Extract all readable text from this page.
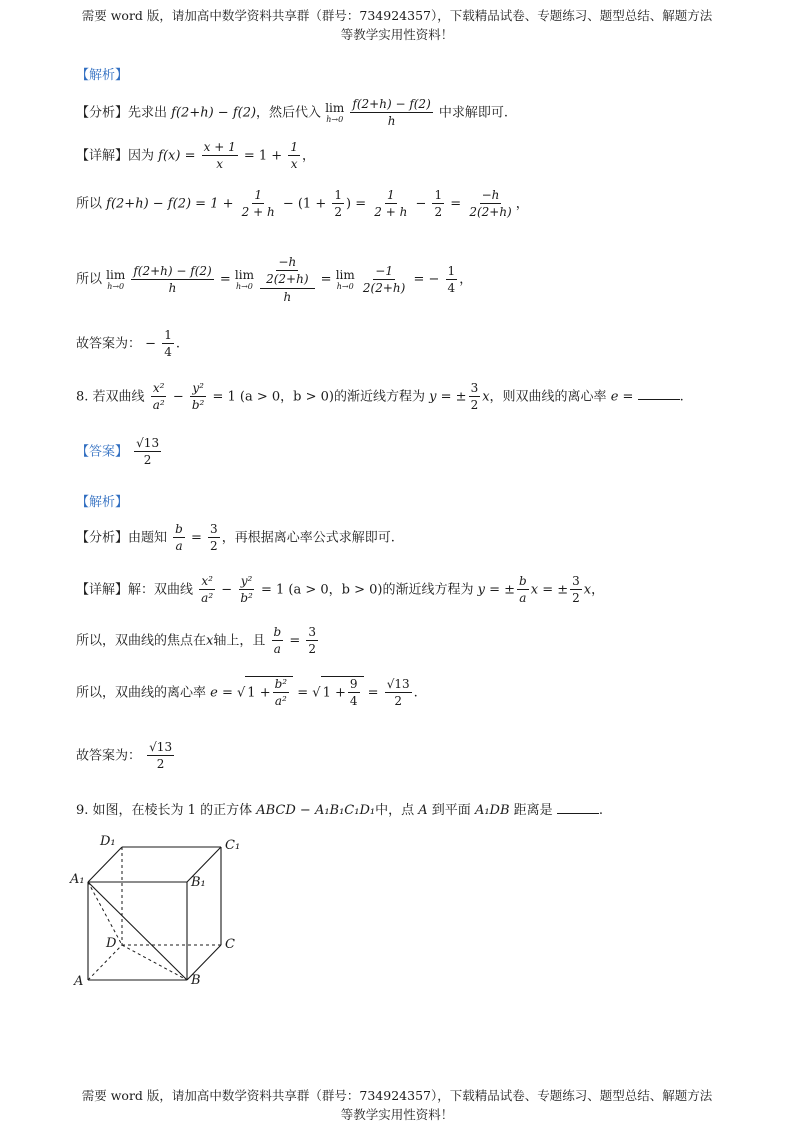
需要 word 版，请加高中数学资料共享群（群号：734924357），下载精品试卷、专题练习、题型总结、解题方法
等教学实用性资料！
【解析】
【分析】先求出 f(2+h) − f(2)，然后代入 lim
h→0
$\frac{f(2+h) - f(2)}{h}$ 中求解即可.
【详解】因为 $f(x) = \frac{x + 1}{x} = 1 + \frac{1}{x}$ ，
所以 $f(2+h) - f(2) = 1 + \frac{1}{2 + h} - (1 + \frac{1}{2}$ ) = $\frac{1}{2 + h} - \frac{1}{2} = \frac{-h}{2(2+h)}$ ，
所以 lim
h→0
$\frac{f(2+h) - f(2)}{h} = \lim$
h→0
$\frac{\frac{-h}{2(2+h)}}{h} = \lim$
h→0
$\frac{-1}{2(2+h)}$ = − $\frac{1}{4}$ ，
故答案为： − $\frac{1}{4}$ .
8. 若双曲线 $\frac{\text{x²}}{\text{a²}} - \frac{\text{y²}}{\text{b²}} = 1$ (a > 0，b > 0)的渐近线方程为 y = ± $\frac{3}{2}$ x，则双曲线的离心率 e =	.
【答案】 $\frac{√13}{2}$
【解析】
【分析】由题知 $\frac{b}{a} = \frac{3}{2}$ ，再根据离心率公式求解即可.
【详解】解：双曲线 $\frac{\text{x²}}{\text{a²}} - \frac{\text{y²}}{\text{b²}} = 1$ (a > 0，b > 0)的渐近线方程为 y = ± $\frac{b}{a}$ x = ± $\frac{3}{2}$ x，
所以，双曲线的焦点在x轴上，且 $\frac{b}{a} = \frac{3}{2}$
所以，双曲线的离心率 e = √ $1 + \frac{\text{b²}}{\text{a²}}$ = √ $1 + \frac{9}{4} = \frac{√13}{2}$ .
故答案为： $\frac{√13}{2}$
9. 如图，在棱长为 1 的正方体 ABCD − A₁B₁C₁D₁中，点 A 到平面 A₁DB 距离是	.
D₁	C₁
A₁	B₁
D	C
A	B
需要 word 版，请加高中数学资料共享群（群号：734924357），下载精品试卷、专题练习、题型总结、解题方法
等教学实用性资料！
